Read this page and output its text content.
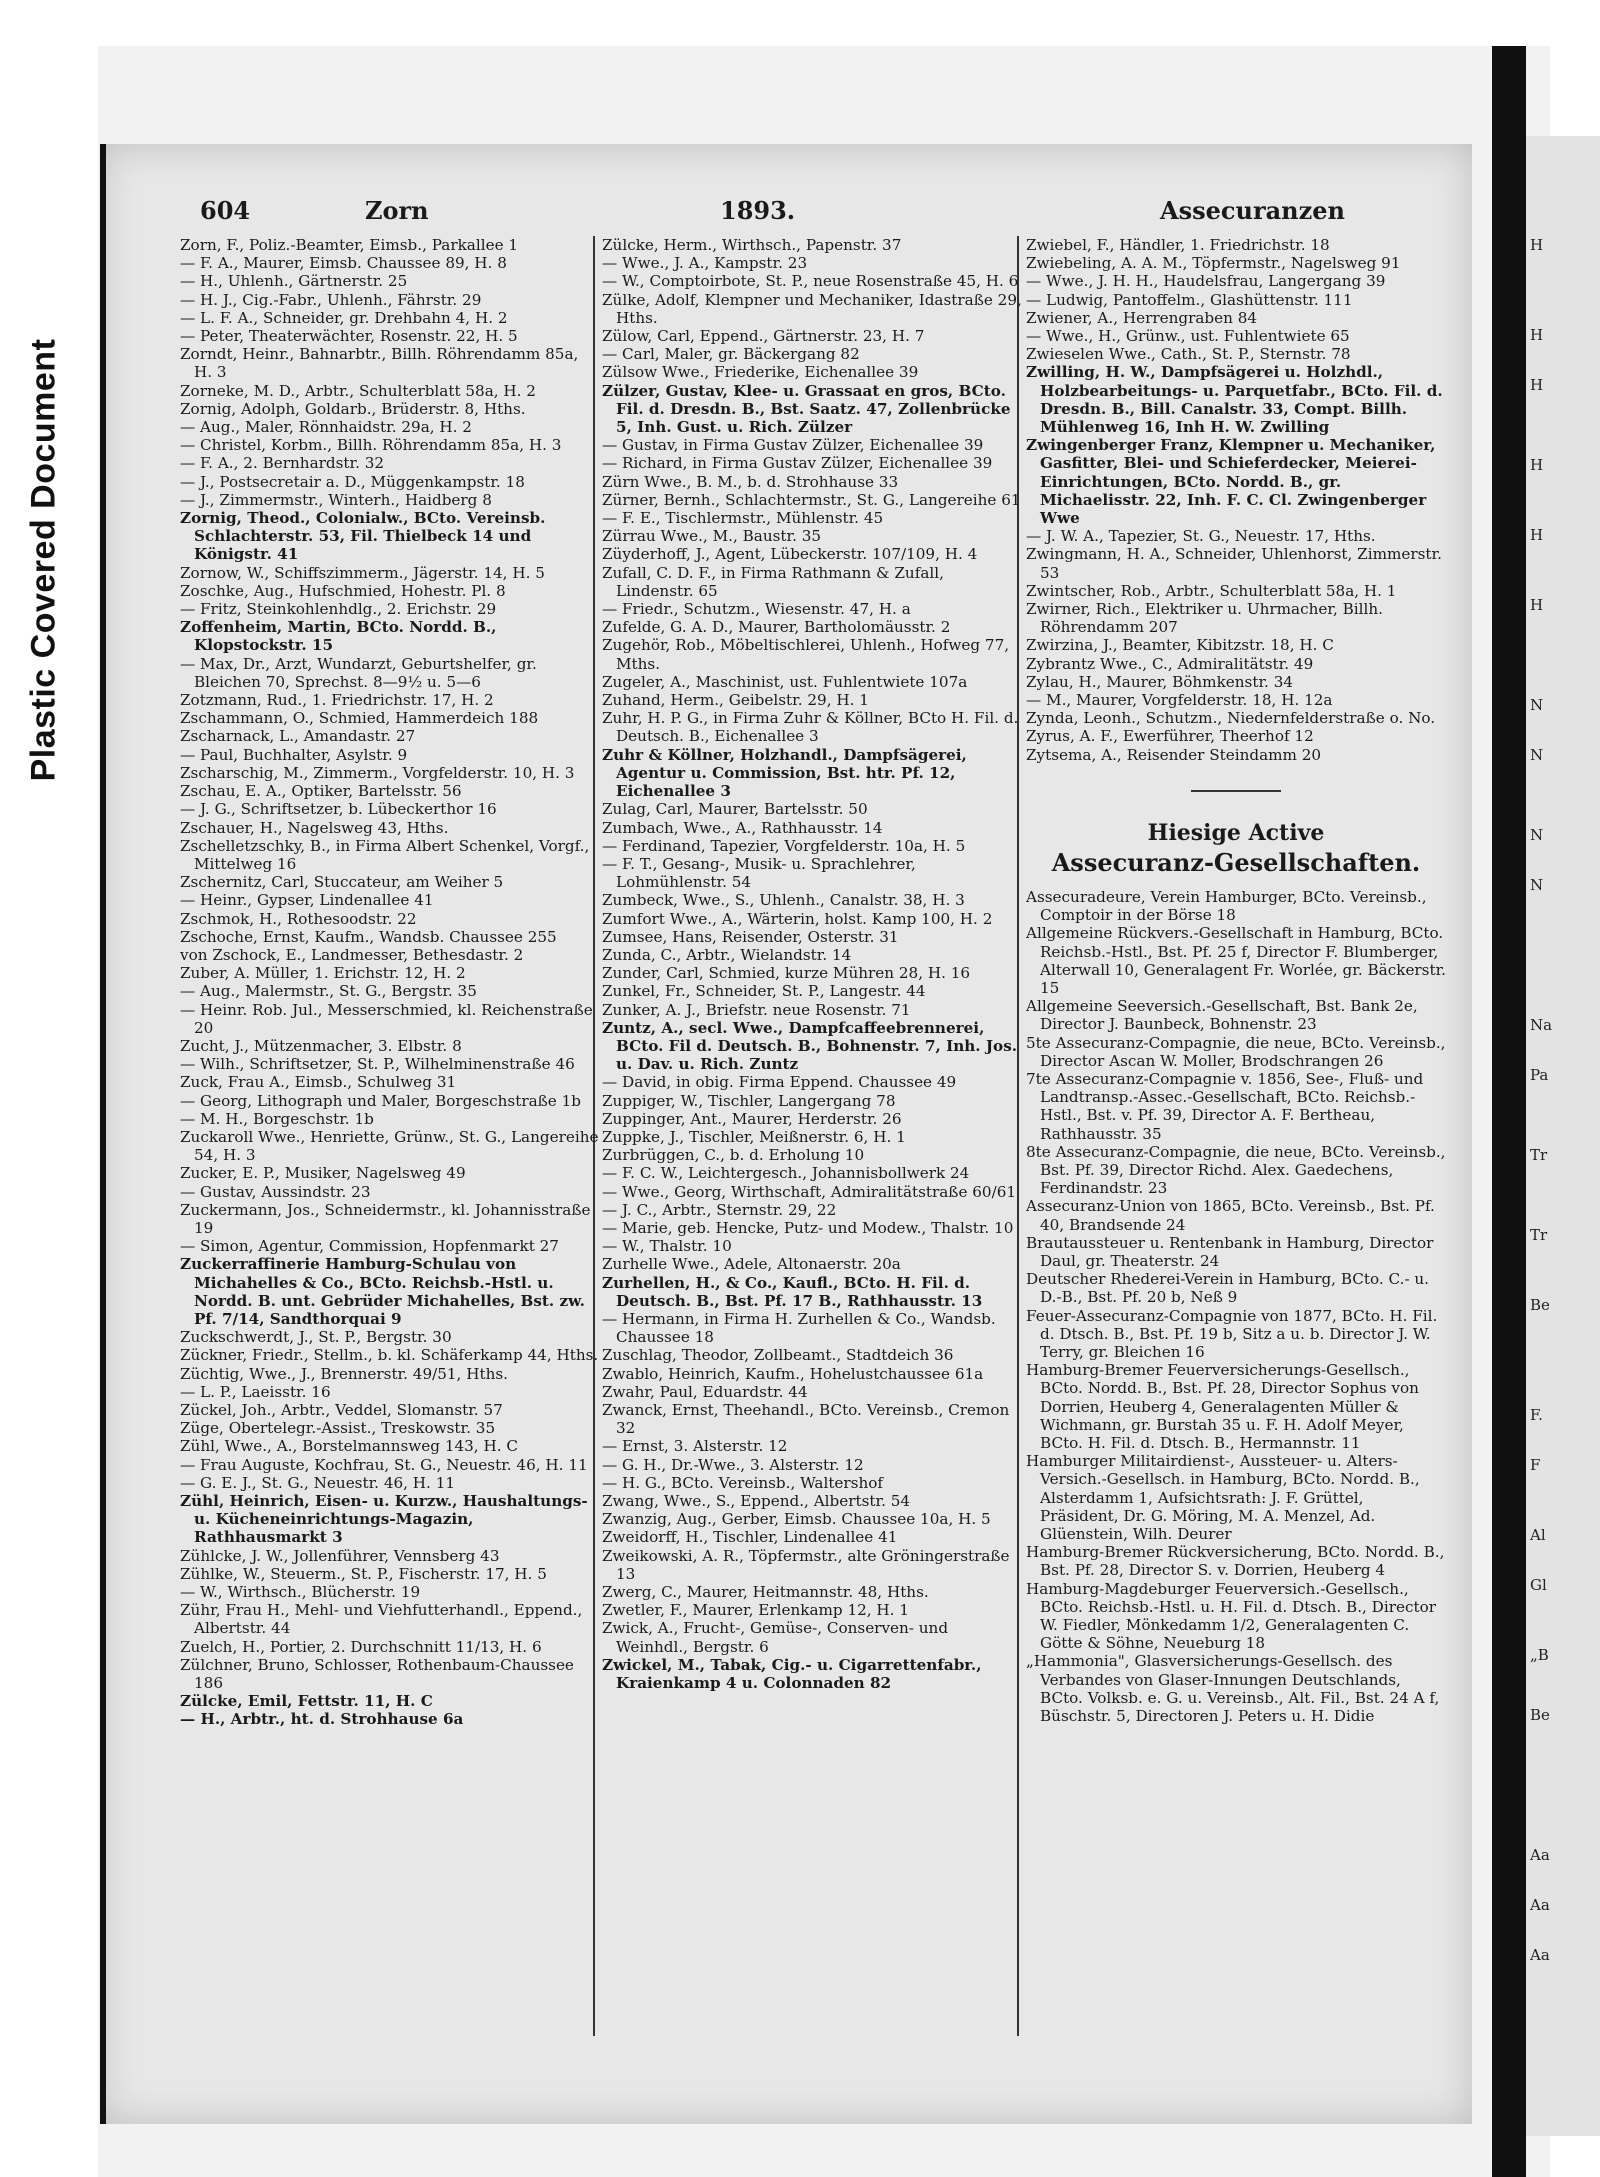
Plastic Covered Document
H
H
H
H
H
H
N
N
N
N
Na
Pa
Tr
Tr
Be
F.
F
Al
Gl
„B
Be
Aa
Aa
Aa
604	Zorn	1893.	Assecuranzen

Zorn, F., Poliz.-Beamter, Eimsb., Parkallee 1

— F. A., Maurer, Eimsb. Chaussee 89, H. 8

— H., Uhlenh., Gärtnerstr. 25

— H. J., Cig.-Fabr., Uhlenh., Fährstr. 29

— L. F. A., Schneider, gr. Drehbahn 4, H. 2

— Peter, Theaterwächter, Rosenstr. 22, H. 5

Zorndt, Heinr., Bahnarbtr., Billh. Röhrendamm 85a, H. 3

Zorneke, M. D., Arbtr., Schulterblatt 58a, H. 2

Zornig, Adolph, Goldarb., Brüderstr. 8, Hths.

— Aug., Maler, Rönnhaidstr. 29a, H. 2

— Christel, Korbm., Billh. Röhrendamm 85a, H. 3

— F. A., 2. Bernhardstr. 32

— J., Postsecretair a. D., Müggenkampstr. 18

— J., Zimmermstr., Winterh., Haidberg 8

Zornig, Theod., Colonialw., BCto. Vereinsb. Schlachterstr. 53, Fil. Thielbeck 14 und Königstr. 41

Zornow, W., Schiffszimmerm., Jägerstr. 14, H. 5

Zoschke, Aug., Hufschmied, Hohestr. Pl. 8

— Fritz, Steinkohlenhdlg., 2. Erichstr. 29

Zoffenheim, Martin, BCto. Nordd. B., Klopstockstr. 15

— Max, Dr., Arzt, Wundarzt, Geburtshelfer, gr. Bleichen 70, Sprechst. 8—9½ u. 5—6

Zotzmann, Rud., 1. Friedrichstr. 17, H. 2

Zschammann, O., Schmied, Hammerdeich 188

Zscharnack, L., Amandastr. 27

— Paul, Buchhalter, Asylstr. 9

Zscharschig, M., Zimmerm., Vorgfelderstr. 10, H. 3

Zschau, E. A., Optiker, Bartelsstr. 56

— J. G., Schriftsetzer, b. Lübeckerthor 16

Zschauer, H., Nagelsweg 43, Hths.

Zschelletzschky, B., in Firma Albert Schenkel, Vorgf., Mittelweg 16

Zschernitz, Carl, Stuccateur, am Weiher 5

— Heinr., Gypser, Lindenallee 41

Zschmok, H., Rothesoodstr. 22

Zschoche, Ernst, Kaufm., Wandsb. Chaussee 255

von Zschock, E., Landmesser, Bethesdastr. 2

Zuber, A. Müller, 1. Erichstr. 12, H. 2

— Aug., Malermstr., St. G., Bergstr. 35

— Heinr. Rob. Jul., Messerschmied, kl. Reichenstraße 20

Zucht, J., Mützenmacher, 3. Elbstr. 8

— Wilh., Schriftsetzer, St. P., Wilhelminenstraße 46

Zuck, Frau A., Eimsb., Schulweg 31

— Georg, Lithograph und Maler, Borgeschstraße 1b

— M. H., Borgeschstr. 1b

Zuckaroll Wwe., Henriette, Grünw., St. G., Langereihe 54, H. 3

Zucker, E. P., Musiker, Nagelsweg 49

— Gustav, Aussindstr. 23

Zuckermann, Jos., Schneidermstr., kl. Johannisstraße 19

— Simon, Agentur, Commission, Hopfenmarkt 27

Zuckerraffinerie Hamburg-Schulau von Michahelles & Co., BCto. Reichsb.-Hstl. u. Nordd. B. unt. Gebrüder Michahelles, Bst. zw. Pf. 7/14, Sandthorquai 9

Zuckschwerdt, J., St. P., Bergstr. 30

Zückner, Friedr., Stellm., b. kl. Schäferkamp 44, Hths.

Züchtig, Wwe., J., Brennerstr. 49/51, Hths.

— L. P., Laeisstr. 16

Zückel, Joh., Arbtr., Veddel, Slomanstr. 57

Züge, Obertelegr.-Assist., Treskowstr. 35

Zühl, Wwe., A., Borstelmannsweg 143, H. C

— Frau Auguste, Kochfrau, St. G., Neuestr. 46, H. 11

— G. E. J., St. G., Neuestr. 46, H. 11

Zühl, Heinrich, Eisen- u. Kurzw., Haushaltungs- u. Kücheneinrichtungs-Magazin, Rathhausmarkt 3

Zühlcke, J. W., Jollenführer, Vennsberg 43

Zühlke, W., Steuerm., St. P., Fischerstr. 17, H. 5

— W., Wirthsch., Blücherstr. 19

Zühr, Frau H., Mehl- und Viehfutterhandl., Eppend., Albertstr. 44

Zuelch, H., Portier, 2. Durchschnitt 11/13, H. 6

Zülchner, Bruno, Schlosser, Rothenbaum-Chaussee 186

Zülcke, Emil, Fettstr. 11, H. C

— H., Arbtr., ht. d. Strohhause 6a

Zülcke, Herm., Wirthsch., Papenstr. 37

— Wwe., J. A., Kampstr. 23

— W., Comptoirbote, St. P., neue Rosenstraße 45, H. 6

Zülke, Adolf, Klempner und Mechaniker, Idastraße 29, Hths.

Zülow, Carl, Eppend., Gärtnerstr. 23, H. 7

— Carl, Maler, gr. Bäckergang 82

Zülsow Wwe., Friederike, Eichenallee 39

Zülzer, Gustav, Klee- u. Grassaat en gros, BCto. Fil. d. Dresdn. B., Bst. Saatz. 47, Zollenbrücke 5, Inh. Gust. u. Rich. Zülzer

— Gustav, in Firma Gustav Zülzer, Eichenallee 39

— Richard, in Firma Gustav Zülzer, Eichenallee 39

Zürn Wwe., B. M., b. d. Strohhause 33

Zürner, Bernh., Schlachtermstr., St. G., Langereihe 61

— F. E., Tischlermstr., Mühlenstr. 45

Zürrau Wwe., M., Baustr. 35

Züyderhoff, J., Agent, Lübeckerstr. 107/109, H. 4

Zufall, C. D. F., in Firma Rathmann & Zufall, Lindenstr. 65

— Friedr., Schutzm., Wiesenstr. 47, H. a

Zufelde, G. A. D., Maurer, Bartholomäusstr. 2

Zugehör, Rob., Möbeltischlerei, Uhlenh., Hofweg 77, Mths.

Zugeler, A., Maschinist, ust. Fuhlentwiete 107a

Zuhand, Herm., Geibelstr. 29, H. 1

Zuhr, H. P. G., in Firma Zuhr & Köllner, BCto H. Fil. d. Deutsch. B., Eichenallee 3

Zuhr & Köllner, Holzhandl., Dampfsägerei, Agentur u. Commission, Bst. htr. Pf. 12, Eichenallee 3

Zulag, Carl, Maurer, Bartelsstr. 50

Zumbach, Wwe., A., Rathhausstr. 14

— Ferdinand, Tapezier, Vorgfelderstr. 10a, H. 5

— F. T., Gesang-, Musik- u. Sprachlehrer, Lohmühlenstr. 54

Zumbeck, Wwe., S., Uhlenh., Canalstr. 38, H. 3

Zumfort Wwe., A., Wärterin, holst. Kamp 100, H. 2

Zumsee, Hans, Reisender, Osterstr. 31

Zunda, C., Arbtr., Wielandstr. 14

Zunder, Carl, Schmied, kurze Mühren 28, H. 16

Zunkel, Fr., Schneider, St. P., Langestr. 44

Zunker, A. J., Briefstr. neue Rosenstr. 71

Zuntz, A., secl. Wwe., Dampfcaffeebrennerei, BCto. Fil d. Deutsch. B., Bohnenstr. 7, Inh. Jos. u. Dav. u. Rich. Zuntz

— David, in obig. Firma Eppend. Chaussee 49

Zuppiger, W., Tischler, Langergang 78

Zuppinger, Ant., Maurer, Herderstr. 26

Zuppke, J., Tischler, Meißnerstr. 6, H. 1

Zurbrüggen, C., b. d. Erholung 10

— F. C. W., Leichtergesch., Johannisbollwerk 24

— Wwe., Georg, Wirthschaft, Admiralitätstraße 60/61

— J. C., Arbtr., Sternstr. 29, 22

— Marie, geb. Hencke, Putz- und Modew., Thalstr. 10

— W., Thalstr. 10

Zurhelle Wwe., Adele, Altonaerstr. 20a

Zurhellen, H., & Co., Kaufl., BCto. H. Fil. d. Deutsch. B., Bst. Pf. 17 B., Rathhausstr. 13

— Hermann, in Firma H. Zurhellen & Co., Wandsb. Chaussee 18

Zuschlag, Theodor, Zollbeamt., Stadtdeich 36

Zwablo, Heinrich, Kaufm., Hohelustchaussee 61a

Zwahr, Paul, Eduardstr. 44

Zwanck, Ernst, Theehandl., BCto. Vereinsb., Cremon 32

— Ernst, 3. Alsterstr. 12

— G. H., Dr.-Wwe., 3. Alsterstr. 12

— H. G., BCto. Vereinsb., Waltershof

Zwang, Wwe., S., Eppend., Albertstr. 54

Zwanzig, Aug., Gerber, Eimsb. Chaussee 10a, H. 5

Zweidorff, H., Tischler, Lindenallee 41

Zweikowski, A. R., Töpfermstr., alte Gröningerstraße 13

Zwerg, C., Maurer, Heitmannstr. 48, Hths.

Zwetler, F., Maurer, Erlenkamp 12, H. 1

Zwick, A., Frucht-, Gemüse-, Conserven- und Weinhdl., Bergstr. 6

Zwickel, M., Tabak, Cig.- u. Cigarrettenfabr., Kraienkamp 4 u. Colonnaden 82

Zwiebel, F., Händler, 1. Friedrichstr. 18

Zwiebeling, A. A. M., Töpfermstr., Nagelsweg 91

— Wwe., J. H. H., Haudelsfrau, Langergang 39

— Ludwig, Pantoffelm., Glashüttenstr. 111

Zwiener, A., Herrengraben 84

— Wwe., H., Grünw., ust. Fuhlentwiete 65

Zwieselen Wwe., Cath., St. P., Sternstr. 78

Zwilling, H. W., Dampfsägerei u. Holzhdl., Holzbearbeitungs- u. Parquetfabr., BCto. Fil. d. Dresdn. B., Bill. Canalstr. 33, Compt. Billh. Mühlenweg 16, Inh H. W. Zwilling

Zwingenberger Franz, Klempner u. Mechaniker, Gasfitter, Blei- und Schieferdecker, Meierei-Einrichtungen, BCto. Nordd. B., gr. Michaelisstr. 22, Inh. F. C. Cl. Zwingenberger Wwe

— J. W. A., Tapezier, St. G., Neuestr. 17, Hths.

Zwingmann, H. A., Schneider, Uhlenhorst, Zimmerstr. 53

Zwintscher, Rob., Arbtr., Schulterblatt 58a, H. 1

Zwirner, Rich., Elektriker u. Uhrmacher, Billh. Röhrendamm 207

Zwirzina, J., Beamter, Kibitzstr. 18, H. C

Zybrantz Wwe., C., Admiralitätstr. 49

Zylau, H., Maurer, Böhmkenstr. 34

— M., Maurer, Vorgfelderstr. 18, H. 12a

Zynda, Leonh., Schutzm., Niedernfelderstraße o. No.

Zyrus, A. F., Ewerführer, Theerhof 12

Zytsema, A., Reisender Steindamm 20

Hiesige Active

Assecuranz-Gesellschaften.

Assecuradeure, Verein Hamburger, BCto. Vereinsb., Comptoir in der Börse 18

Allgemeine Rückvers.-Gesellschaft in Hamburg, BCto. Reichsb.-Hstl., Bst. Pf. 25 f, Director F. Blumberger, Alterwall 10, Generalagent Fr. Worlée, gr. Bäckerstr. 15

Allgemeine Seeversich.-Gesellschaft, Bst. Bank 2e, Director J. Baunbeck, Bohnenstr. 23

5te Assecuranz-Compagnie, die neue, BCto. Vereinsb., Director Ascan W. Moller, Brodschrangen 26

7te Assecuranz-Compagnie v. 1856, See-, Fluß- und Landtransp.-Assec.-Gesellschaft, BCto. Reichsb.-Hstl., Bst. v. Pf. 39, Director A. F. Bertheau, Rathhausstr. 35

8te Assecuranz-Compagnie, die neue, BCto. Vereinsb., Bst. Pf. 39, Director Richd. Alex. Gaedechens, Ferdinandstr. 23

Assecuranz-Union von 1865, BCto. Vereinsb., Bst. Pf. 40, Brandsende 24

Brautaussteuer u. Rentenbank in Hamburg, Director Daul, gr. Theaterstr. 24

Deutscher Rhederei-Verein in Hamburg, BCto. C.- u. D.-B., Bst. Pf. 20 b, Neß 9

Feuer-Assecuranz-Compagnie von 1877, BCto. H. Fil. d. Dtsch. B., Bst. Pf. 19 b, Sitz a u. b. Director J. W. Terry, gr. Bleichen 16

Hamburg-Bremer Feuerversicherungs-Gesellsch., BCto. Nordd. B., Bst. Pf. 28, Director Sophus von Dorrien, Heuberg 4, Generalagenten Müller & Wichmann, gr. Burstah 35 u. F. H. Adolf Meyer, BCto. H. Fil. d. Dtsch. B., Hermannstr. 11

Hamburger Militairdienst-, Aussteuer- u. Alters-Versich.-Gesellsch. in Hamburg, BCto. Nordd. B., Alsterdamm 1, Aufsichtsrath: J. F. Grüttel, Präsident, Dr. G. Möring, M. A. Menzel, Ad. Glüenstein, Wilh. Deurer

Hamburg-Bremer Rückversicherung, BCto. Nordd. B., Bst. Pf. 28, Director S. v. Dorrien, Heuberg 4

Hamburg-Magdeburger Feuerversich.-Gesellsch., BCto. Reichsb.-Hstl. u. H. Fil. d. Dtsch. B., Director W. Fiedler, Mönkedamm 1/2, Generalagenten C. Götte & Söhne, Neueburg 18

„Hammonia", Glasversicherungs-Gesellsch. des Verbandes von Glaser-Innungen Deutschlands, BCto. Volksb. e. G. u. Vereinsb., Alt. Fil., Bst. 24 A f, Büschstr. 5, Directoren J. Peters u. H. Didie
